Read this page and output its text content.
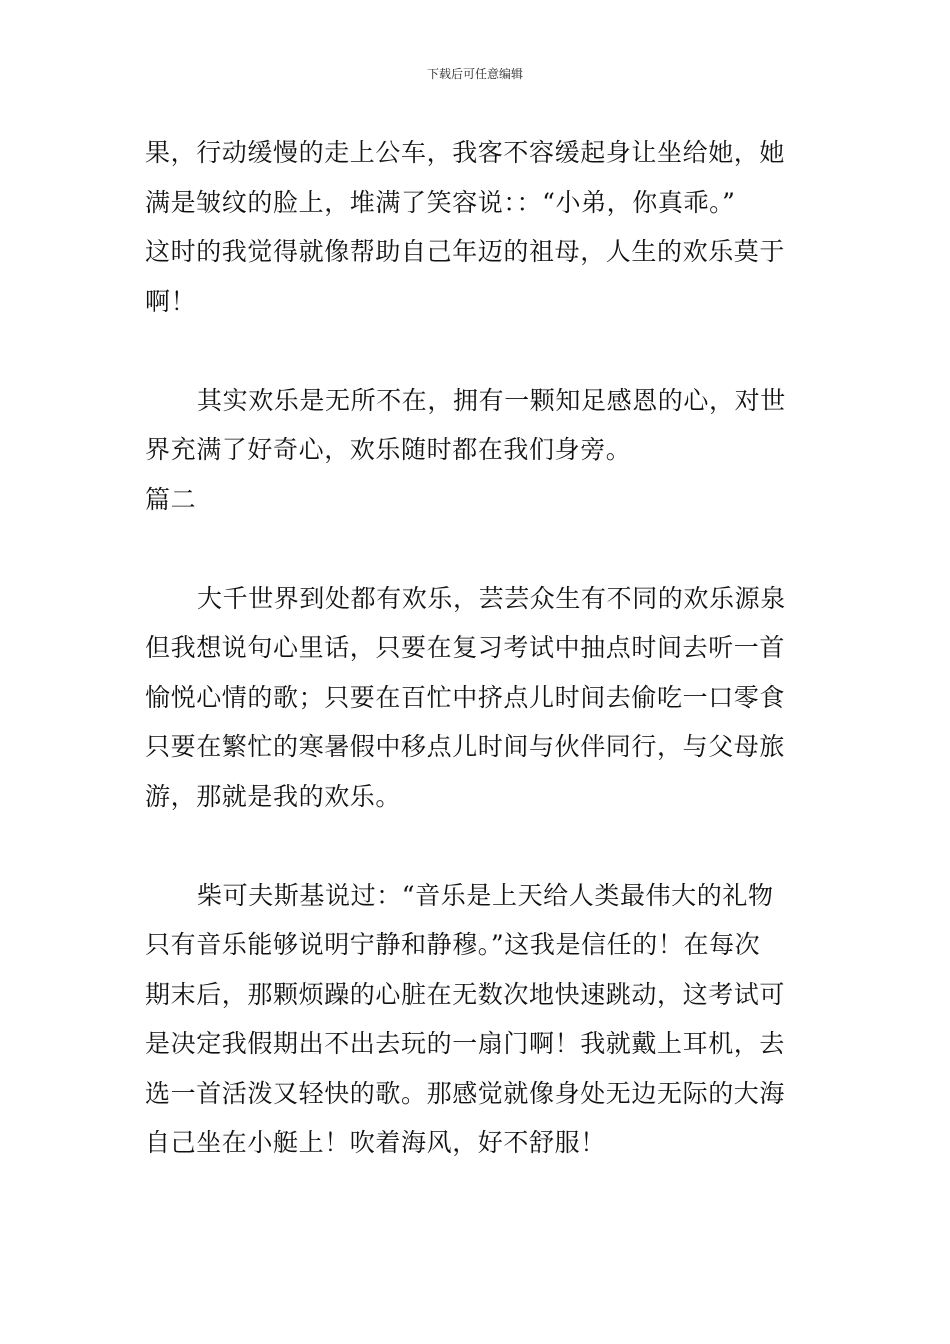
下载后可任意编辑

果，行动缓慢的走上公车，我客不容缓起身让坐给她，她
满是皱纹的脸上，堆满了笑容说：：“小弟，你真乖。”
这时的我觉得就像帮助自己年迈的祖母，人生的欢乐莫于
啊！

其实欢乐是无所不在，拥有一颗知足感恩的心，对世
界充满了好奇心，欢乐随时都在我们身旁。

篇二

大千世界到处都有欢乐，芸芸众生有不同的欢乐源泉
但我想说句心里话，只要在复习考试中抽点时间去听一首
愉悦心情的歌；只要在百忙中挤点儿时间去偷吃一口零食
只要在繁忙的寒暑假中移点儿时间与伙伴同行，与父母旅
游，那就是我的欢乐。

柴可夫斯基说过：“音乐是上天给人类最伟大的礼物
只有音乐能够说明宁静和静穆。”这我是信任的！在每次
期末后，那颗烦躁的心脏在无数次地快速跳动，这考试可
是决定我假期出不出去玩的一扇门啊！我就戴上耳机，去
选一首活泼又轻快的歌。那感觉就像身处无边无际的大海
自己坐在小艇上！吹着海风，好不舒服！
